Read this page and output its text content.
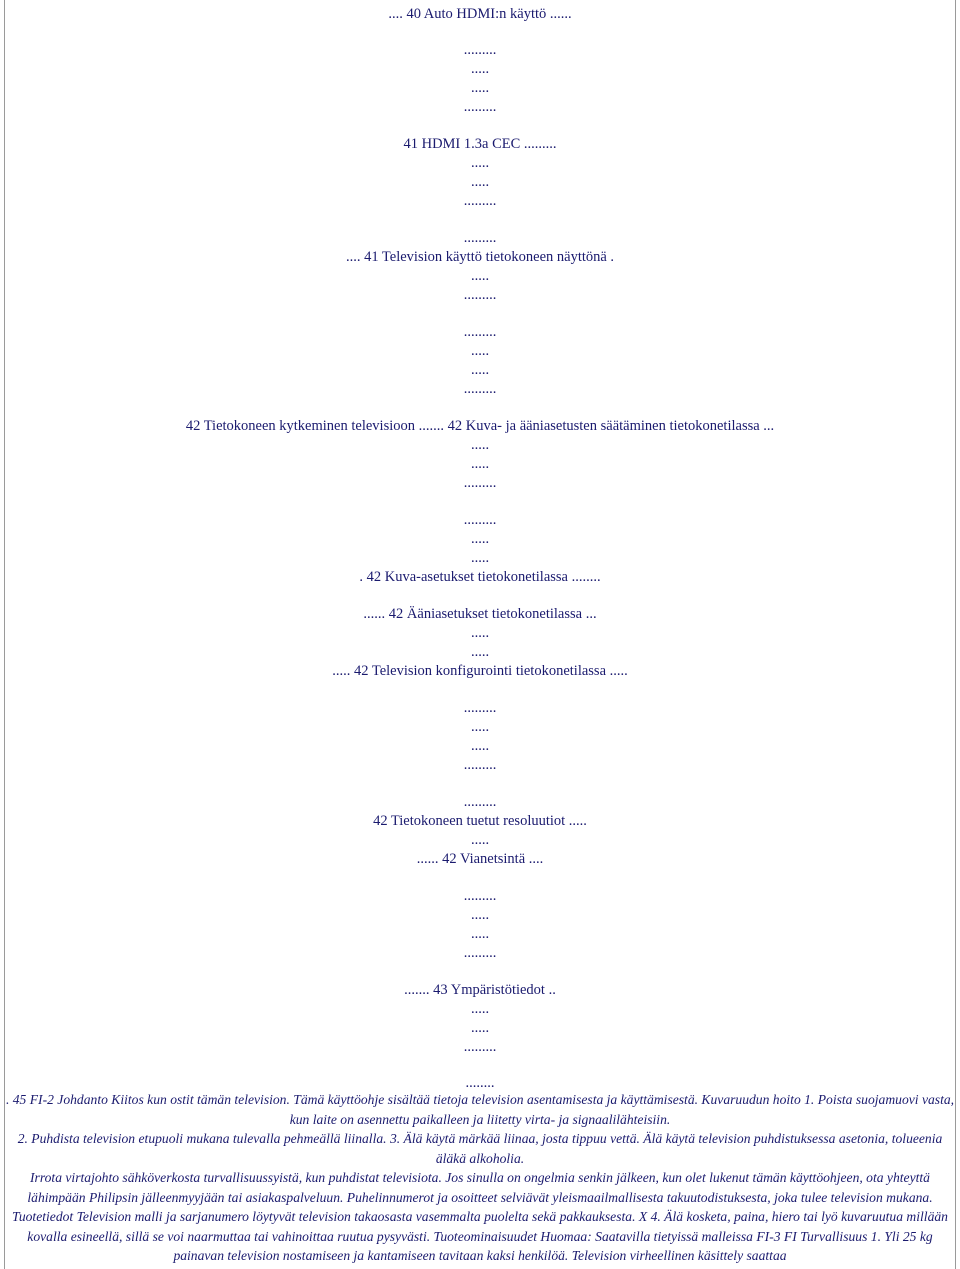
.... 40 Auto HDMI:n käyttö ......
.........
.....
.....
.........
41 HDMI 1.3a CEC .........
.....
.....
.........
.........
.... 41 Television käyttö tietokoneen näyttönä .
.....
.........
.........
.....
.....
.........
42 Tietokoneen kytkeminen televisioon ....... 42 Kuva- ja ääniasetusten säätäminen tietokonetilassa ...
.....
.....
.........
.........
.....
.....
. 42 Kuva-asetukset tietokonetilassa ........
...... 42 Ääniasetukset tietokonetilassa ...
.....
.....
..... 42 Television konfigurointi tietokonetilassa .....
.........
.....
.....
.........
.........
42 Tietokoneen tuetut resoluutiot .....
.....
...... 42 Vianetsintä ....
.........
.....
.....
.........
....... 43 Ympäristötiedot ..
.....
.....
.........
........

. 45 FI-2 Johdanto Kiitos kun ostit tämän television. Tämä käyttöohje sisältää tietoja television asentamisesta ja käyttämisestä. Kuvaruudun hoito 1. Poista suojamuovi vasta, kun laite on asennettu paikalleen ja liitetty virta- ja signaalilähteisiin.

2. Puhdista television etupuoli mukana tulevalla pehmeällä liinalla. 3. Älä käytä märkää liinaa, josta tippuu vettä. Älä käytä television puhdistuksessa asetonia, tolueenia äläkä alkoholia.

Irrota virtajohto sähköverkosta turvallisuussyistä, kun puhdistat televisiota. Jos sinulla on ongelmia senkin jälkeen, kun olet lukenut tämän käyttöohjeen, ota yhteyttä lähimpään Philipsin jälleenmyyjään tai asiakaspalveluun. Puhelinnumerot ja osoitteet selviävät yleismaailmallisesta takuutodistuksesta, joka tulee television mukana. Tuotetiedot Television malli ja sarjanumero löytyvät television takaosasta vasemmalta puolelta sekä pakkauksesta. X 4. Älä kosketa, paina, hiero tai lyö kuvaruutua millään kovalla esineellä, sillä se voi naarmuttaa tai vahinoittaa ruutua pysyvästi. Tuoteominaisuudet Huomaa: Saatavilla tietyissä malleissa FI-3 FI Turvallisuus 1. Yli 25 kg painavan television nostamiseen ja kantamiseen tavitaan kaksi henkilöä. Television virheellinen käsittely saattaa
